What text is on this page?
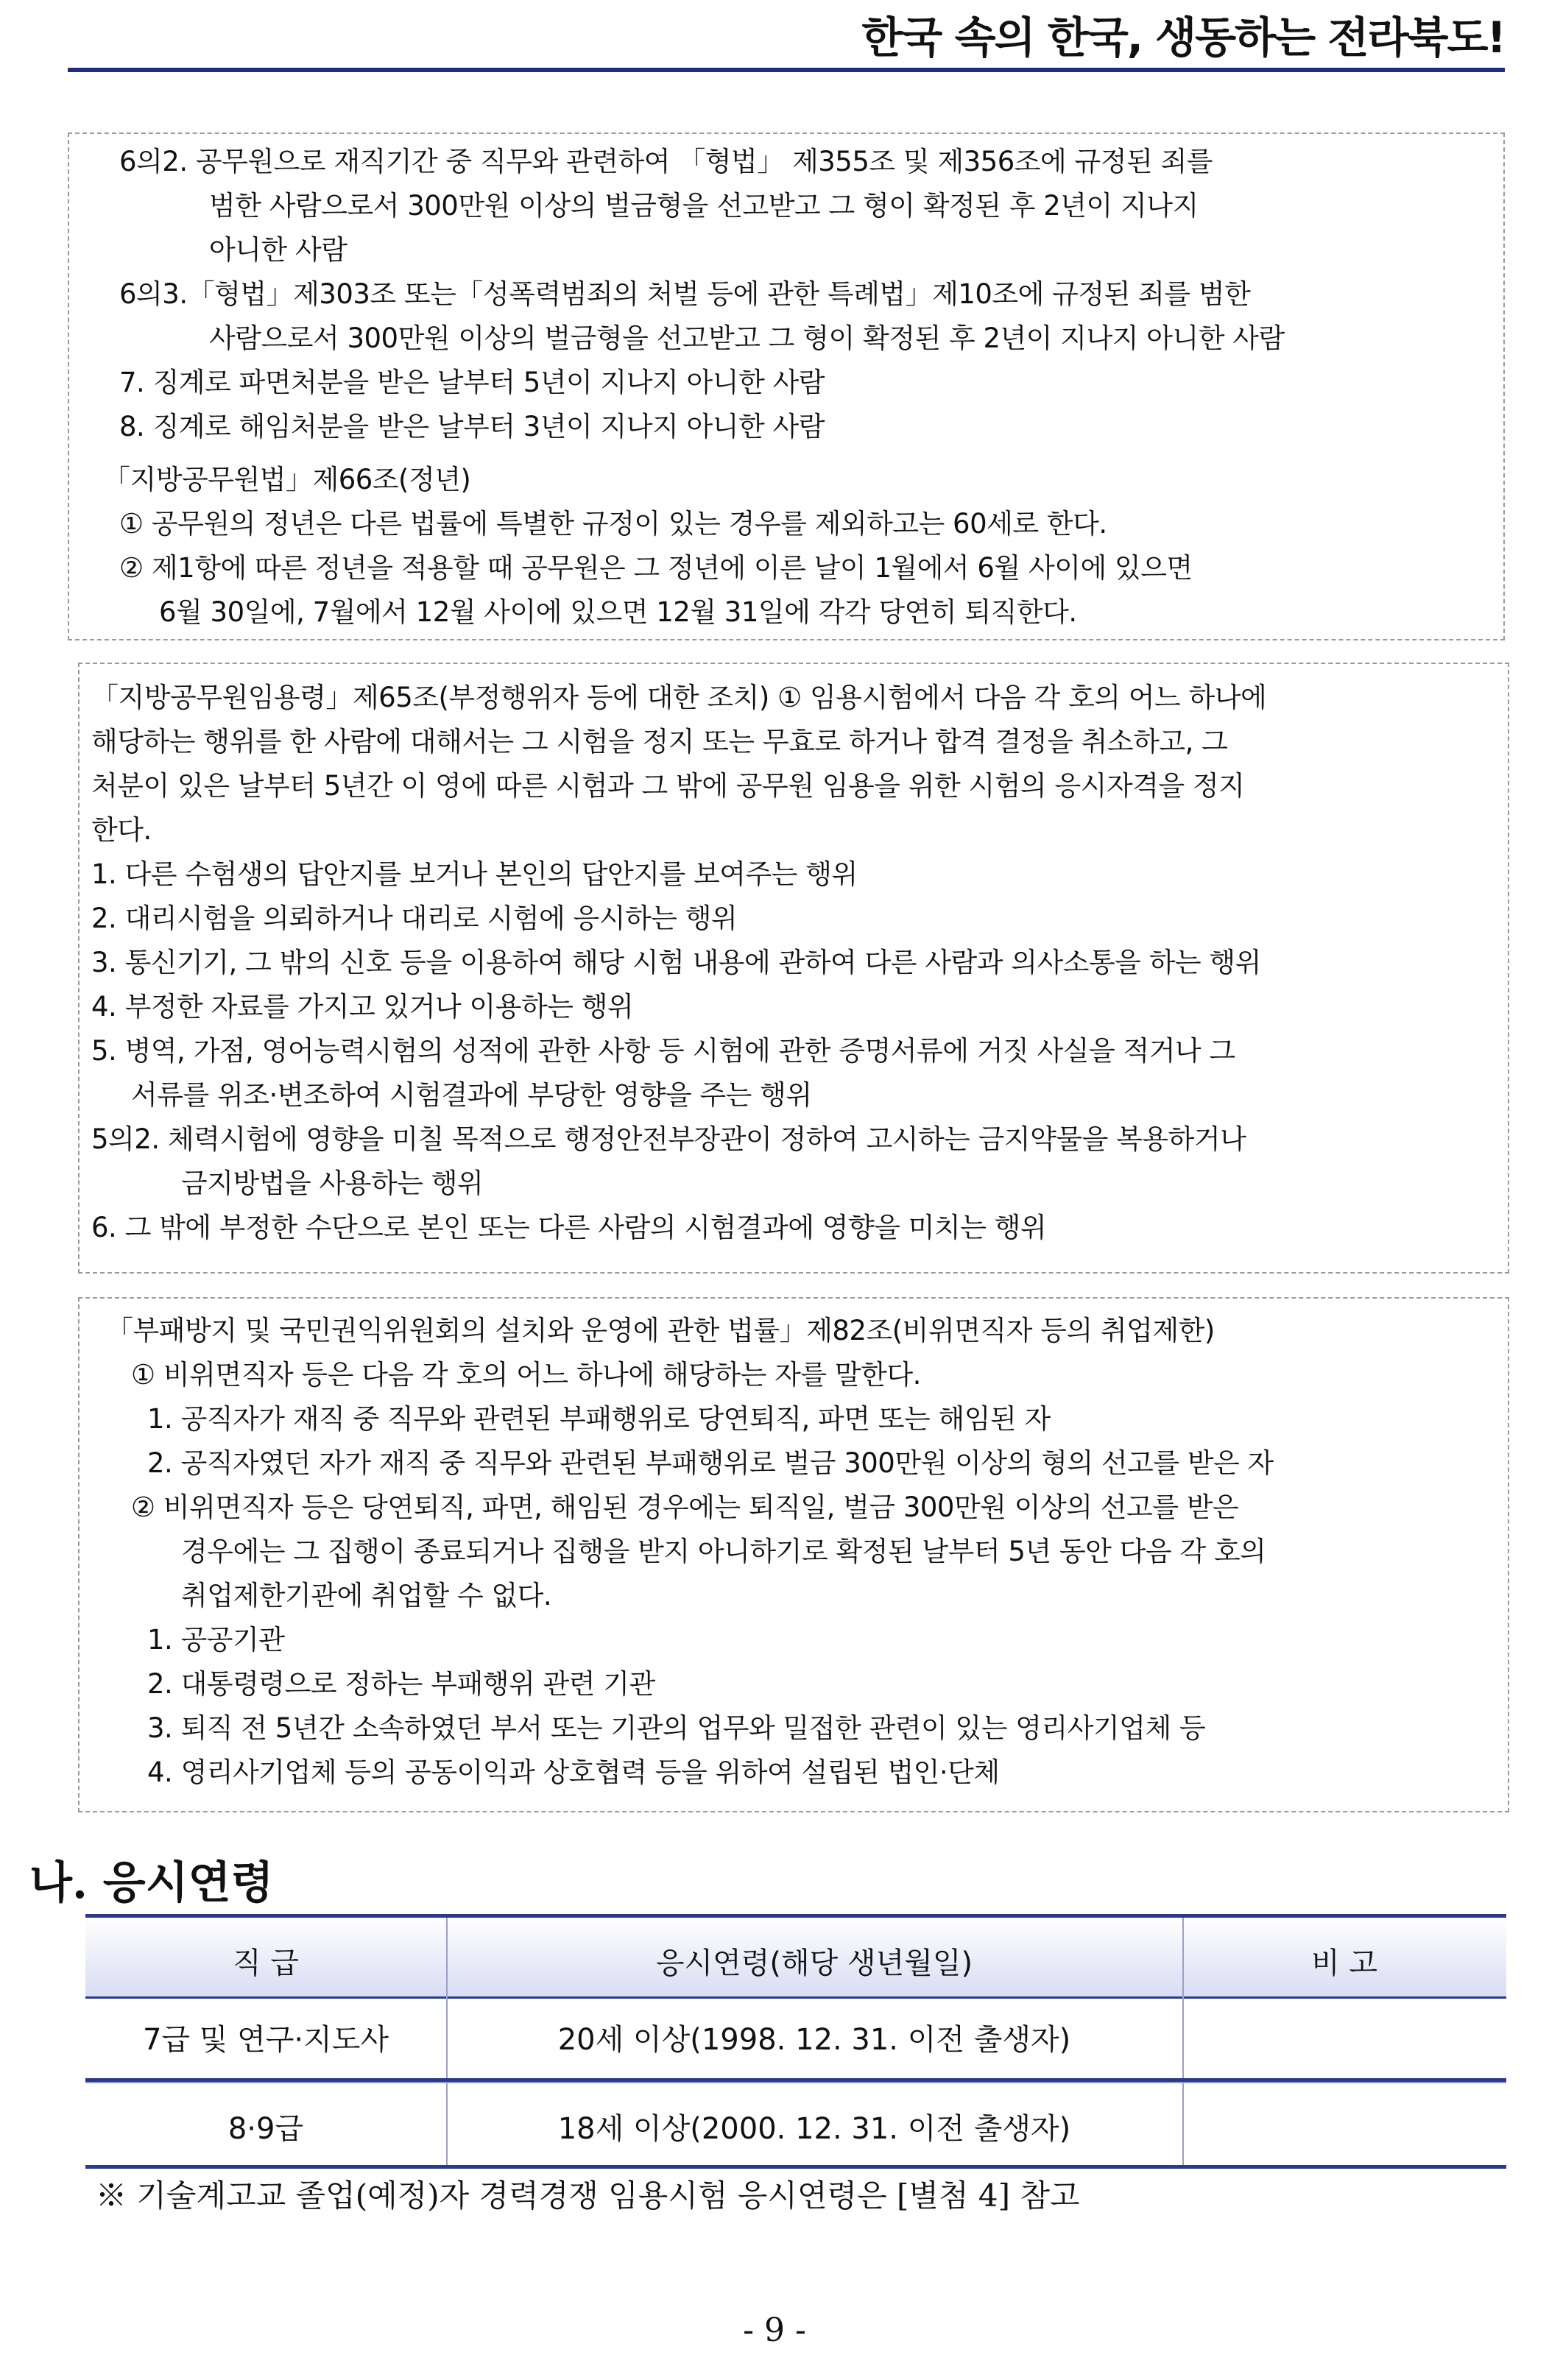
한국 속의 한국, 생동하는 전라북도!
6의2. 공무원으로 재직기간 중 직무와 관련하여 「형법」 제355조 및 제356조에 규정된 죄를
범한 사람으로서 300만원 이상의 벌금형을 선고받고 그 형이 확정된 후 2년이 지나지
아니한 사람
6의3.「형법」제303조 또는「성폭력범죄의 처벌 등에 관한 특례법」제10조에 규정된 죄를 범한
사람으로서 300만원 이상의 벌금형을 선고받고 그 형이 확정된 후 2년이 지나지 아니한 사람
7. 징계로 파면처분을 받은 날부터 5년이 지나지 아니한 사람
8. 징계로 해임처분을 받은 날부터 3년이 지나지 아니한 사람
「지방공무원법」제66조(정년)
① 공무원의 정년은 다른 법률에 특별한 규정이 있는 경우를 제외하고는 60세로 한다.
② 제1항에 따른 정년을 적용할 때 공무원은 그 정년에 이른 날이 1월에서 6월 사이에 있으면
6월 30일에, 7월에서 12월 사이에 있으면 12월 31일에 각각 당연히 퇴직한다.
「지방공무원임용령」제65조(부정행위자 등에 대한 조치) ① 임용시험에서 다음 각 호의 어느 하나에
해당하는 행위를 한 사람에 대해서는 그 시험을 정지 또는 무효로 하거나 합격 결정을 취소하고, 그
처분이 있은 날부터 5년간 이 영에 따른 시험과 그 밖에 공무원 임용을 위한 시험의 응시자격을 정지
한다.
1. 다른 수험생의 답안지를 보거나 본인의 답안지를 보여주는 행위
2. 대리시험을 의뢰하거나 대리로 시험에 응시하는 행위
3. 통신기기, 그 밖의 신호 등을 이용하여 해당 시험 내용에 관하여 다른 사람과 의사소통을 하는 행위
4. 부정한 자료를 가지고 있거나 이용하는 행위
5. 병역, 가점, 영어능력시험의 성적에 관한 사항 등 시험에 관한 증명서류에 거짓 사실을 적거나 그
서류를 위조·변조하여 시험결과에 부당한 영향을 주는 행위
5의2. 체력시험에 영향을 미칠 목적으로 행정안전부장관이 정하여 고시하는 금지약물을 복용하거나
금지방법을 사용하는 행위
6. 그 밖에 부정한 수단으로 본인 또는 다른 사람의 시험결과에 영향을 미치는 행위
「부패방지 및 국민권익위원회의 설치와 운영에 관한 법률」제82조(비위면직자 등의 취업제한)
① 비위면직자 등은 다음 각 호의 어느 하나에 해당하는 자를 말한다.
1. 공직자가 재직 중 직무와 관련된 부패행위로 당연퇴직, 파면 또는 해임된 자
2. 공직자였던 자가 재직 중 직무와 관련된 부패행위로 벌금 300만원 이상의 형의 선고를 받은 자
② 비위면직자 등은 당연퇴직, 파면, 해임된 경우에는 퇴직일, 벌금 300만원 이상의 선고를 받은
경우에는 그 집행이 종료되거나 집행을 받지 아니하기로 확정된 날부터 5년 동안 다음 각 호의
취업제한기관에 취업할 수 없다.
1. 공공기관
2. 대통령령으로 정하는 부패행위 관련 기관
3. 퇴직 전 5년간 소속하였던 부서 또는 기관의 업무와 밀접한 관련이 있는 영리사기업체 등
4. 영리사기업체 등의 공동이익과 상호협력 등을 위하여 설립된 법인·단체
나. 응시연령
직 급	응시연령(해당 생년월일)	비 고
7급 및 연구·지도사	20세 이상(1998. 12. 31. 이전 출생자)
8·9급	18세 이상(2000. 12. 31. 이전 출생자)
※ 기술계고교 졸업(예정)자 경력경쟁 임용시험 응시연령은 [별첨 4] 참고
- 9 -
